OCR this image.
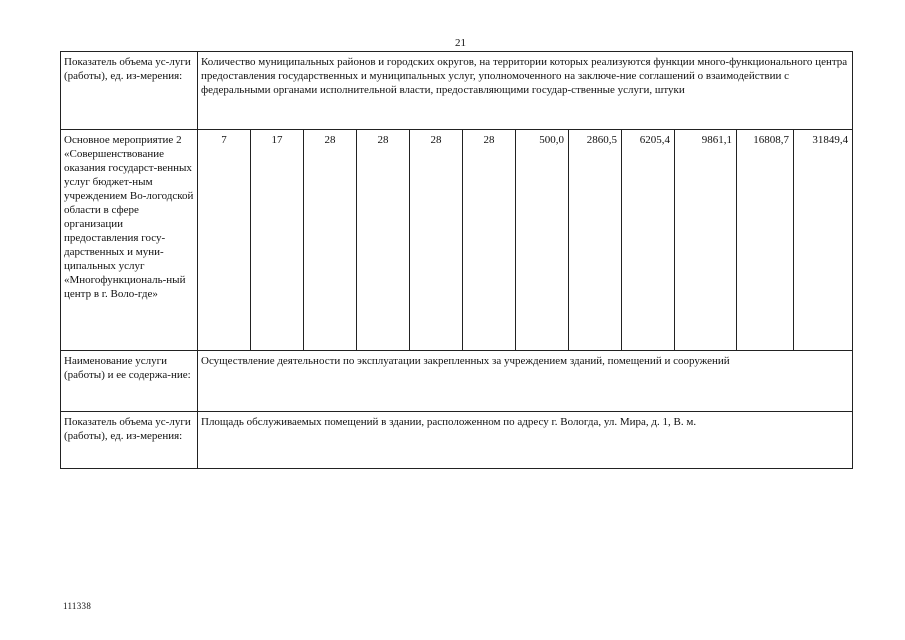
21
Показатель объема ус-луги (работы), ед. из-мерения:	Количество муниципальных районов и городских округов, на территории которых реализуются функции много-функционального центра предоставления государственных и муниципальных услуг, уполномоченного на заключе-ние соглашений о взаимодействии с федеральными органами исполнительной власти, предоставляющими государ-ственные услуги, штуки											
Основное мероприятие 2 «Совершенствование оказания государст-венных услуг бюджет-ным учреждением Во-логодской области в сфере организации предоставления госу-дарственных и муни-ципальных услуг «Многофункциональ-ный центр в г. Воло-где»	7	17	28	28	28	28	500,0	2860,5	6205,4	9861,1	16808,7	31849,4
Наименование услуги (работы) и ее содержа-ние:	Осуществление деятельности по эксплуатации закрепленных за учреждением зданий, помещений и сооружений											
Показатель объема ус-луги (работы), ед. из-мерения:	Площадь обслуживаемых помещений в здании, расположенном по адресу г. Вологда, ул. Мира, д. 1, В. м.											
111338
